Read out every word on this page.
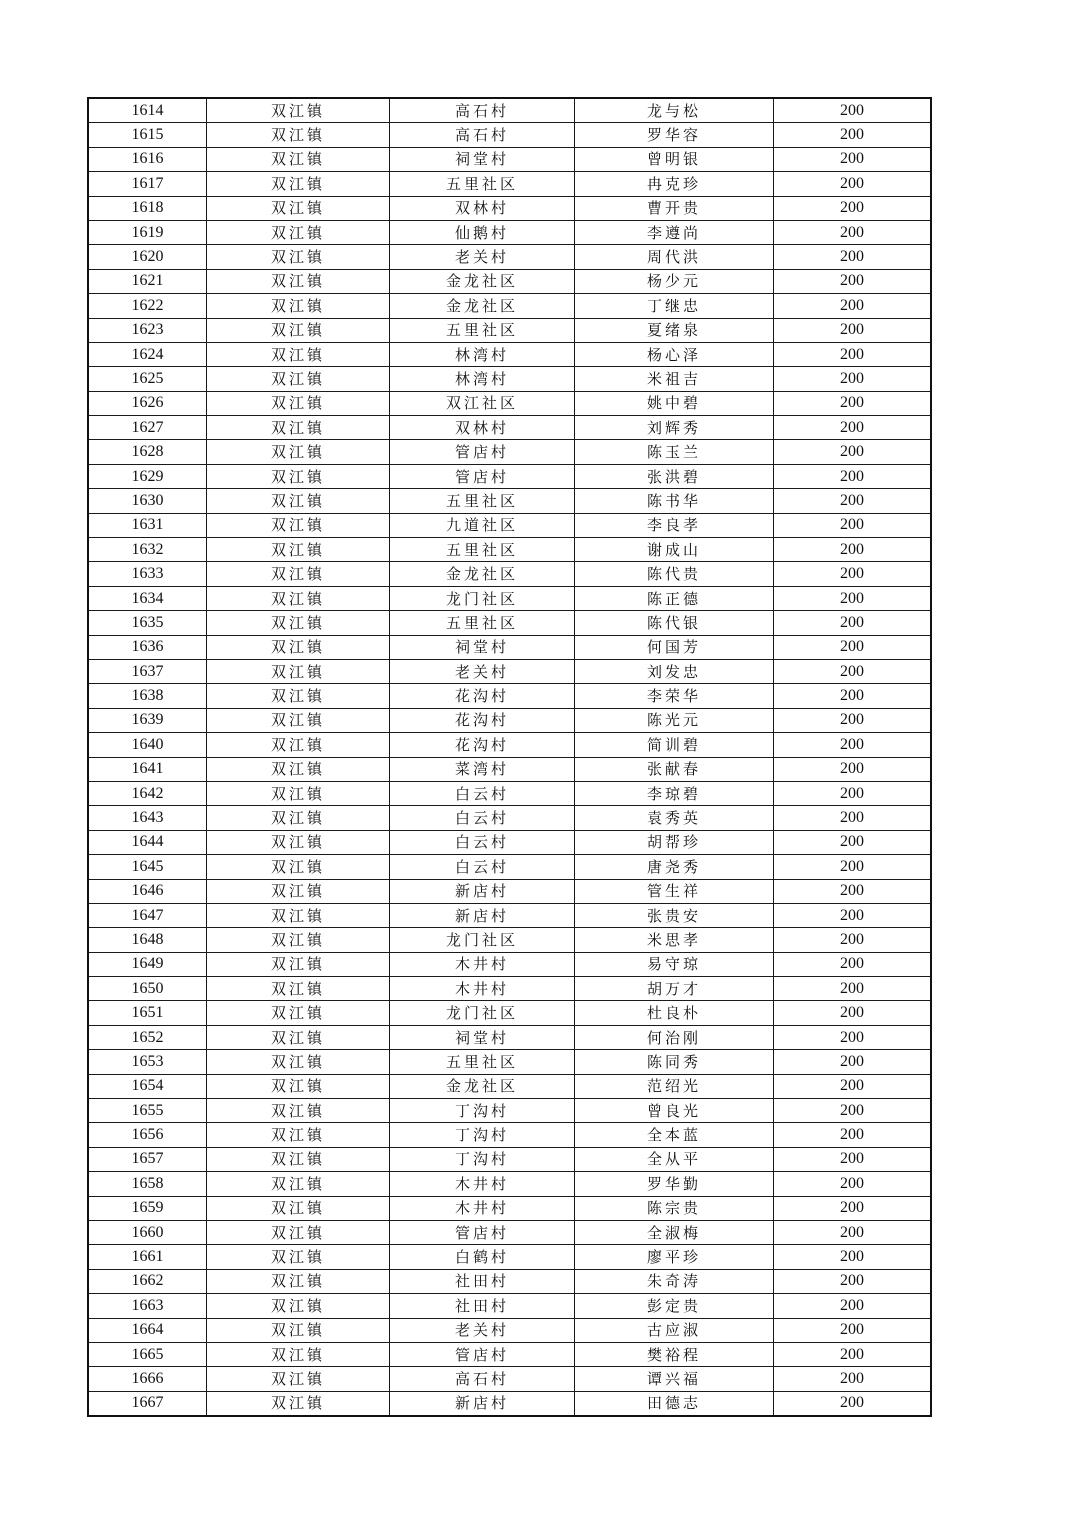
1614	双江镇	高石村	龙与松	200
1615	双江镇	高石村	罗华容	200
1616	双江镇	祠堂村	曾明银	200
1617	双江镇	五里社区	冉克珍	200
1618	双江镇	双林村	曹开贵	200
1619	双江镇	仙鹅村	李遵尚	200
1620	双江镇	老关村	周代洪	200
1621	双江镇	金龙社区	杨少元	200
1622	双江镇	金龙社区	丁继忠	200
1623	双江镇	五里社区	夏绪泉	200
1624	双江镇	林湾村	杨心泽	200
1625	双江镇	林湾村	米祖吉	200
1626	双江镇	双江社区	姚中碧	200
1627	双江镇	双林村	刘辉秀	200
1628	双江镇	管店村	陈玉兰	200
1629	双江镇	管店村	张洪碧	200
1630	双江镇	五里社区	陈书华	200
1631	双江镇	九道社区	李良孝	200
1632	双江镇	五里社区	谢成山	200
1633	双江镇	金龙社区	陈代贵	200
1634	双江镇	龙门社区	陈正德	200
1635	双江镇	五里社区	陈代银	200
1636	双江镇	祠堂村	何国芳	200
1637	双江镇	老关村	刘发忠	200
1638	双江镇	花沟村	李荣华	200
1639	双江镇	花沟村	陈光元	200
1640	双江镇	花沟村	简训碧	200
1641	双江镇	菜湾村	张献春	200
1642	双江镇	白云村	李琼碧	200
1643	双江镇	白云村	袁秀英	200
1644	双江镇	白云村	胡帮珍	200
1645	双江镇	白云村	唐尧秀	200
1646	双江镇	新店村	管生祥	200
1647	双江镇	新店村	张贵安	200
1648	双江镇	龙门社区	米思孝	200
1649	双江镇	木井村	易守琼	200
1650	双江镇	木井村	胡万才	200
1651	双江镇	龙门社区	杜良朴	200
1652	双江镇	祠堂村	何治刚	200
1653	双江镇	五里社区	陈同秀	200
1654	双江镇	金龙社区	范绍光	200
1655	双江镇	丁沟村	曾良光	200
1656	双江镇	丁沟村	全本蓝	200
1657	双江镇	丁沟村	全从平	200
1658	双江镇	木井村	罗华勤	200
1659	双江镇	木井村	陈宗贵	200
1660	双江镇	管店村	全淑梅	200
1661	双江镇	白鹤村	廖平珍	200
1662	双江镇	社田村	朱奇涛	200
1663	双江镇	社田村	彭定贵	200
1664	双江镇	老关村	古应淑	200
1665	双江镇	管店村	樊裕程	200
1666	双江镇	高石村	谭兴福	200
1667	双江镇	新店村	田德志	200
